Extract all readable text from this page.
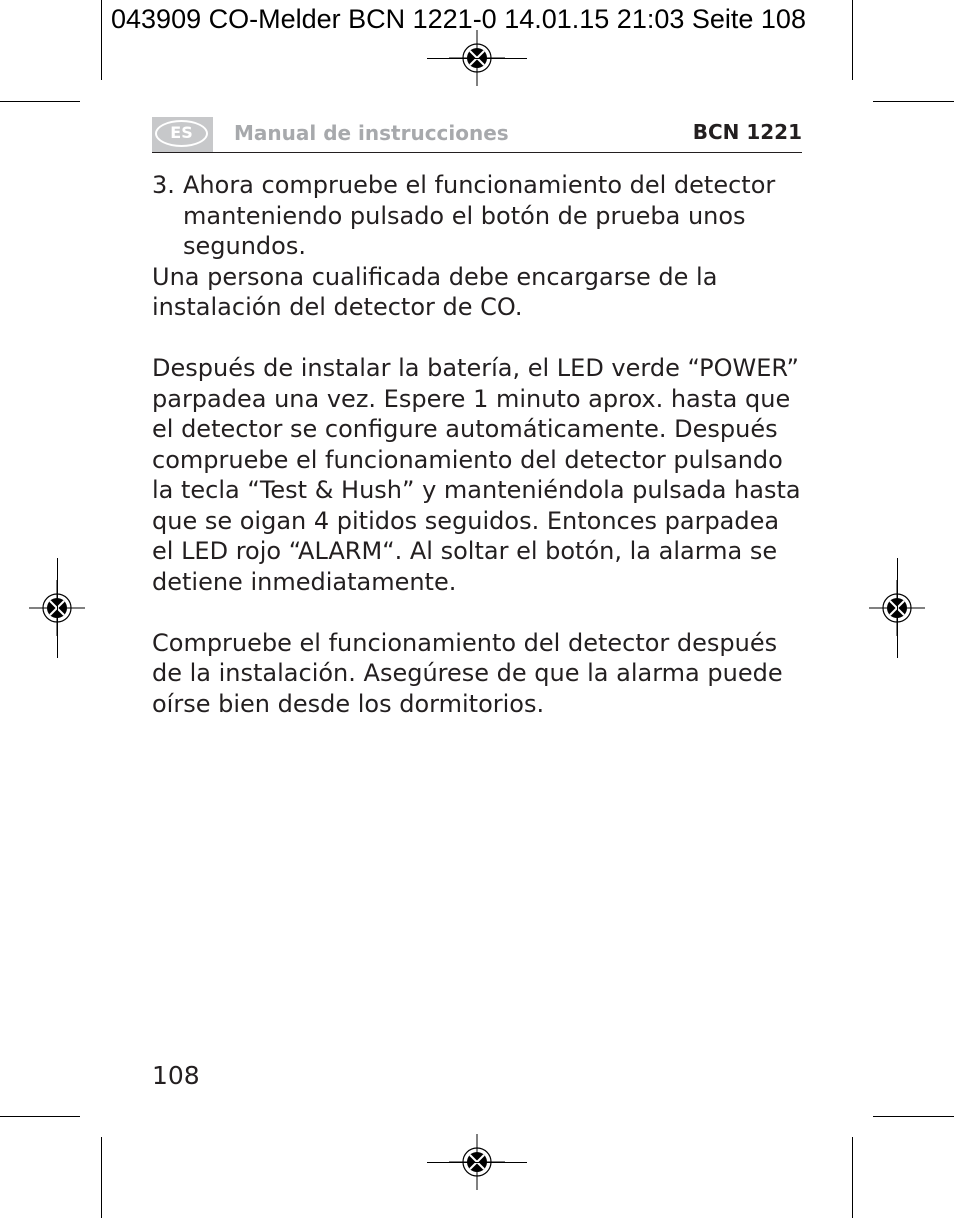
043909 CO-Melder BCN 1221-0 14.01.15 21:03 Seite 108
ES	Manual de instrucciones	BCN 1221

3. Ahora compruebe el funcionamiento del detector manteniendo pulsado el botón de prueba unos segundos.

Una persona cualificada debe encargarse de la instalación del detector de CO.

Después de instalar la batería, el LED verde “POWER” parpadea una vez. Espere 1 minuto aprox. hasta que el detector se configure automáticamente. Después compruebe el funcionamiento del detector pulsando la tecla “Test & Hush” y manteniéndola pulsada hasta que se oigan 4 pitidos seguidos. Entonces parpadea el LED rojo “ALARM“. Al soltar el botón, la alarma se detiene inmediatamente.

Compruebe el funcionamiento del detector después de la instalación. Asegúrese de que la alarma puede oírse bien desde los dormitorios.

108
